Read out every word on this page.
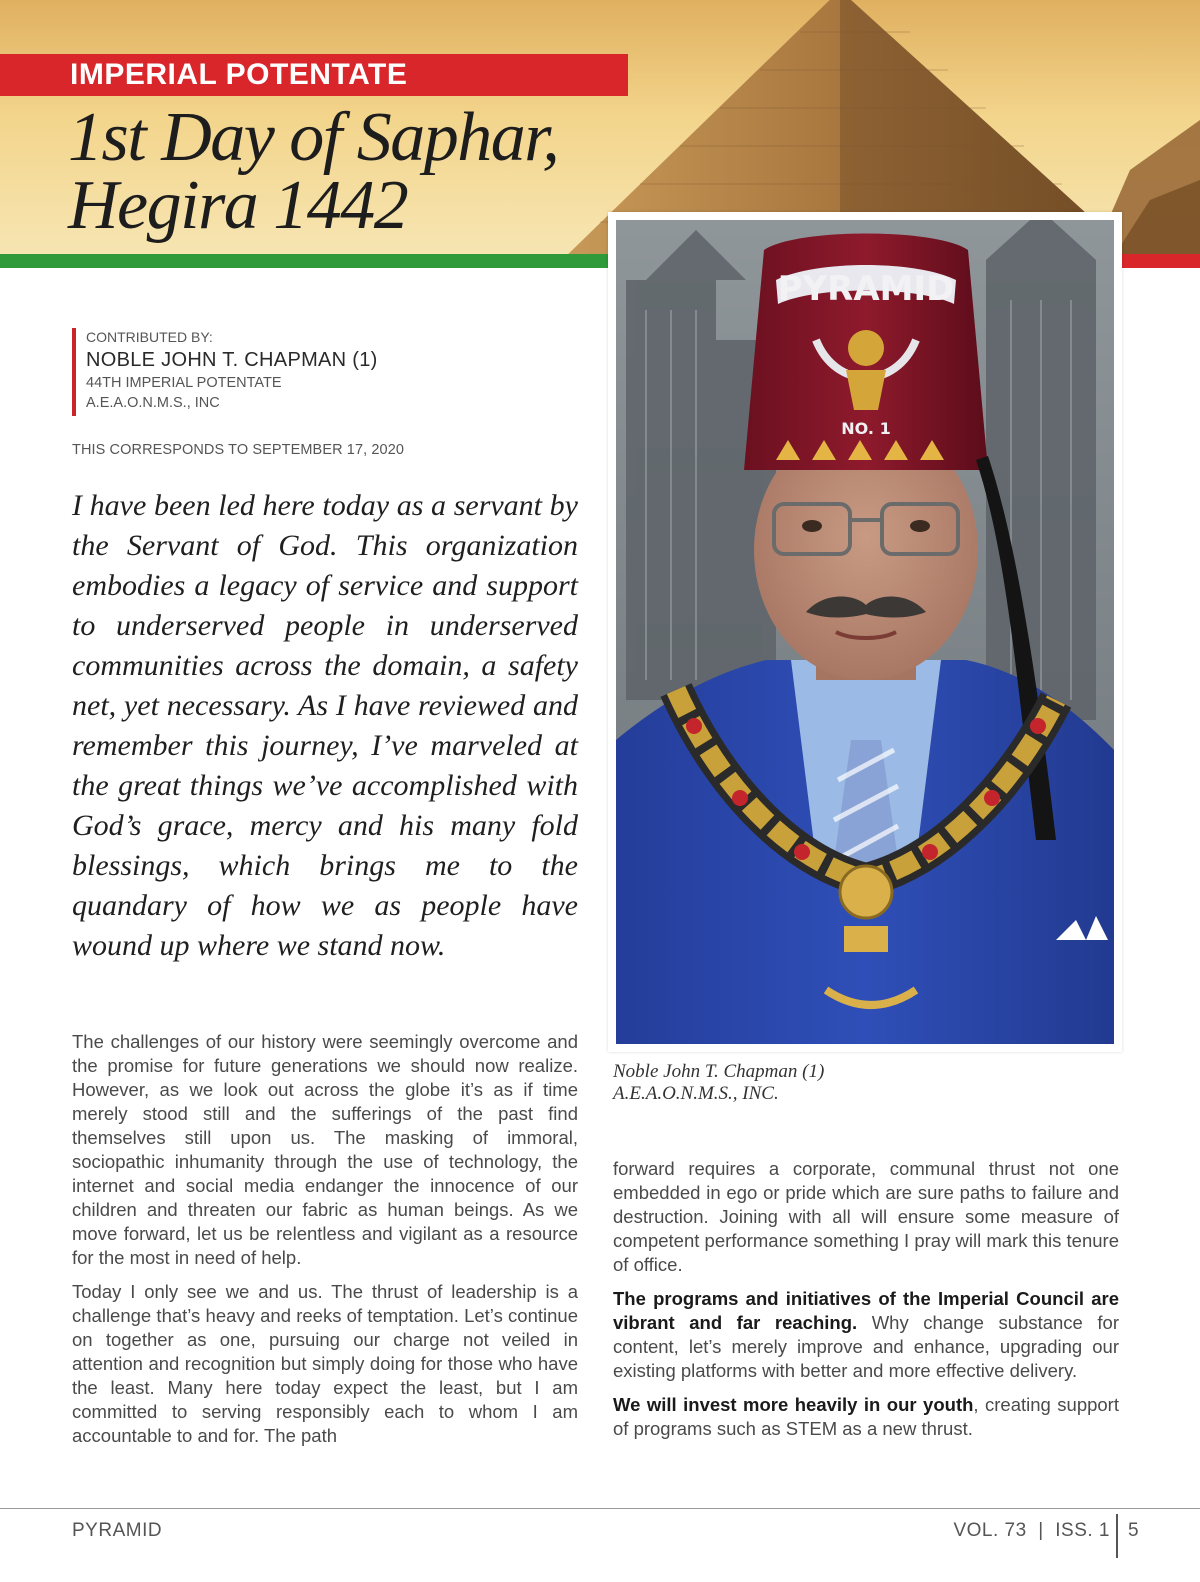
IMPERIAL POTENTATE
1st Day of Saphar,
Hegira 1442
CONTRIBUTED BY:
NOBLE JOHN T. CHAPMAN (1)
44TH IMPERIAL POTENTATE
A.E.A.O.N.M.S., INC
THIS CORRESPONDS TO SEPTEMBER 17, 2020
I have been led here today as a servant by the Servant of God. This organization embodies a legacy of service and support to underserved people in underserved communities across the domain, a safety net, yet necessary. As I have reviewed and remember this journey, I’ve marveled at the great things we’ve accomplished with God’s grace, mercy and his many fold blessings, which brings me to the quandary of how we as people have wound up where we stand now.

The challenges of our history were seemingly overcome and the promise for future generations we should now realize. However, as we look out across the globe it’s as if time merely stood still and the sufferings of the past find themselves still upon us. The masking of immoral, sociopathic inhumanity through the use of technology, the internet and social media endanger the innocence of our children and threaten our fabric as human beings. As we move forward, let us be relentless and vigilant as a resource for the most in need of help.

Today I only see we and us. The thrust of leadership is a challenge that’s heavy and reeks of temptation. Let’s continue on together as one, pursuing our charge not veiled in attention and recognition but simply doing for those who have the least. Many here today expect the least, but I am committed to serving responsibly each to whom I am accountable to and for. The path

forward requires a corporate, communal thrust not one embedded in ego or pride which are sure paths to failure and destruction. Joining with all will ensure some measure of competent performance something I pray will mark this tenure of office.

The programs and initiatives of the Imperial Council are vibrant and far reaching. Why change substance for content, let’s merely improve and enhance, upgrading our existing platforms with better and more effective delivery.

We will invest more heavily in our youth, creating support of programs such as STEM as a new thrust.

PYRAMID
NO. 1
Noble John T. Chapman (1)
A.E.A.O.N.M.S., INC.
PYRAMID	VOL. 73 | ISS. 1 5
